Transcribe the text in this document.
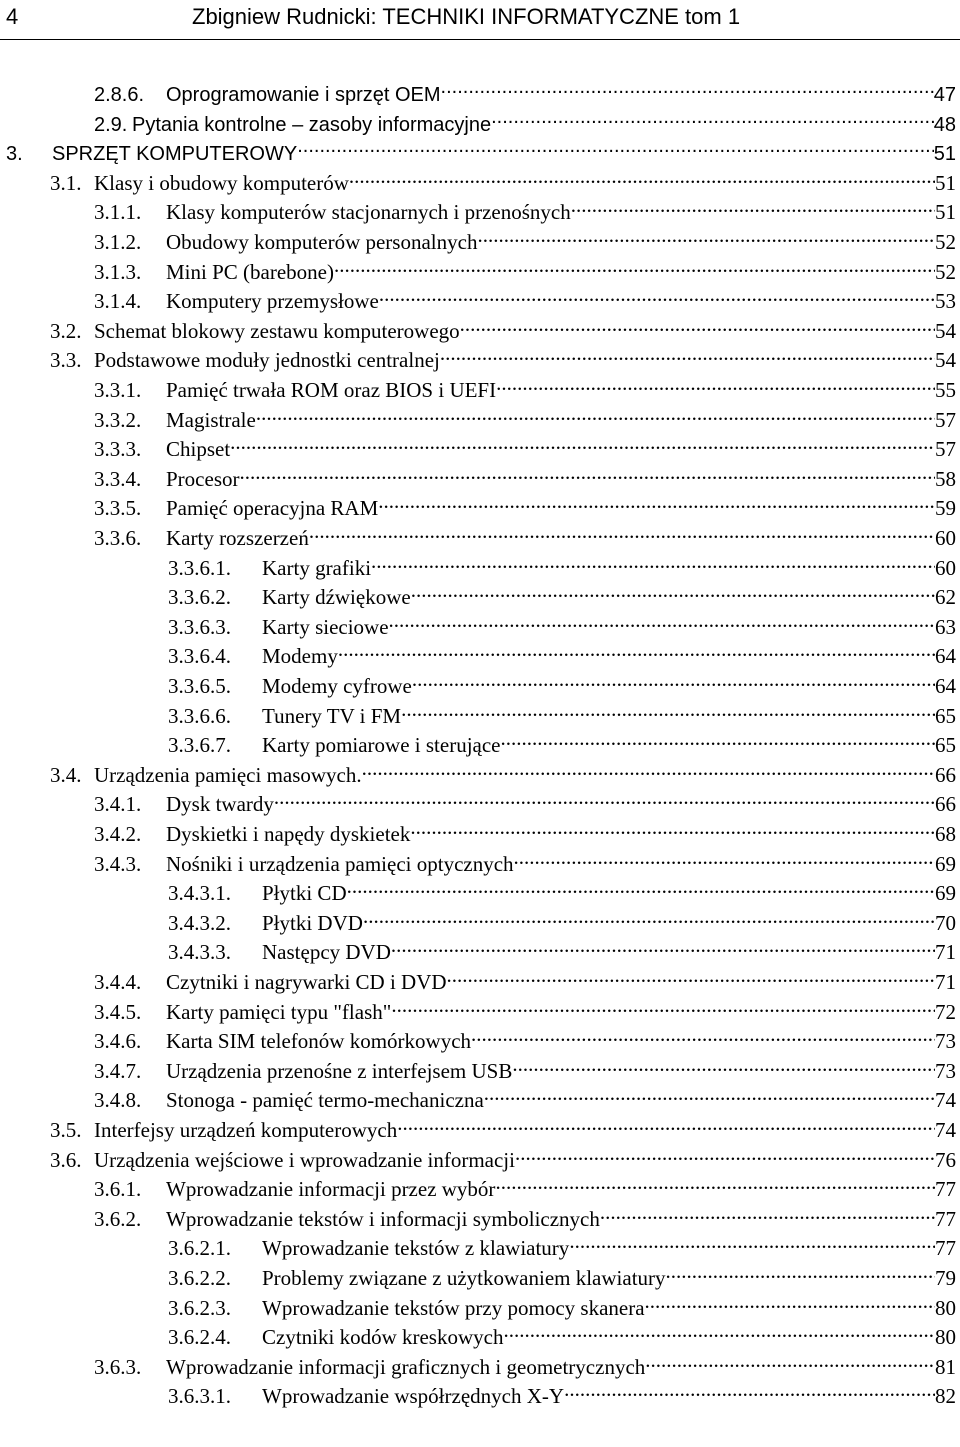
4	Zbigniew Rudnicki: TECHNIKI INFORMATYCZNE tom 1
2.8.6.	Oprogramowanie i sprzęt OEM .....	47
2.9. Pytania kontrolne – zasoby informacyjne .....	48
3.	SPRZĘT KOMPUTEROWY .....	51
3.1. Klasy i obudowy komputerów .....	51
3.1.1.	Klasy komputerów stacjonarnych i przenośnych .....	51
3.1.2.	Obudowy komputerów personalnych .....	52
3.1.3.	Mini PC (barebone) .....	52
3.1.4.	Komputery przemysłowe .....	53
3.2. Schemat blokowy zestawu komputerowego .....	54
3.3. Podstawowe moduły jednostki centralnej .....	54
3.3.1.	Pamięć trwała ROM oraz BIOS i UEFI .....	55
3.3.2.	Magistrale .....	57
3.3.3.	Chipset .....	57
3.3.4.	Procesor .....	58
3.3.5.	Pamięć operacyjna RAM .....	59
3.3.6.	Karty rozszerzeń .....	60
3.3.6.1.	Karty grafiki .....	60
3.3.6.2.	Karty dźwiękowe .....	62
3.3.6.3.	Karty sieciowe .....	63
3.3.6.4.	Modemy .....	64
3.3.6.5.	Modemy cyfrowe .....	64
3.3.6.6.	Tunery TV i FM .....	65
3.3.6.7.	Karty pomiarowe i sterujące .....	65
3.4. Urządzenia pamięci masowych. .....	66
3.4.1.	Dysk twardy .....	66
3.4.2.	Dyskietki i napędy dyskietek .....	68
3.4.3.	Nośniki i urządzenia pamięci optycznych .....	69
3.4.3.1.	Płytki CD .....	69
3.4.3.2.	Płytki DVD .....	70
3.4.3.3.	Następcy DVD .....	71
3.4.4.	Czytniki i nagrywarki CD i DVD .....	71
3.4.5.	Karty pamięci typu "flash" .....	72
3.4.6.	Karta SIM telefonów komórkowych .....	73
3.4.7.	Urządzenia przenośne z interfejsem USB .....	73
3.4.8.	Stonoga - pamięć termo-mechaniczna .....	74
3.5. Interfejsy urządzeń komputerowych .....	74
3.6. Urządzenia wejściowe i wprowadzanie informacji .....	76
3.6.1.	Wprowadzanie informacji przez wybór .....	77
3.6.2.	Wprowadzanie tekstów i informacji symbolicznych .....	77
3.6.2.1.	Wprowadzanie tekstów z klawiatury .....	77
3.6.2.2.	Problemy związane z użytkowaniem klawiatury .....	79
3.6.2.3.	Wprowadzanie tekstów przy pomocy skanera .....	80
3.6.2.4.	Czytniki kodów kreskowych .....	80
3.6.3.	Wprowadzanie informacji graficznych i geometrycznych .....	81
3.6.3.1.	Wprowadzanie współrzędnych X-Y .....	82
